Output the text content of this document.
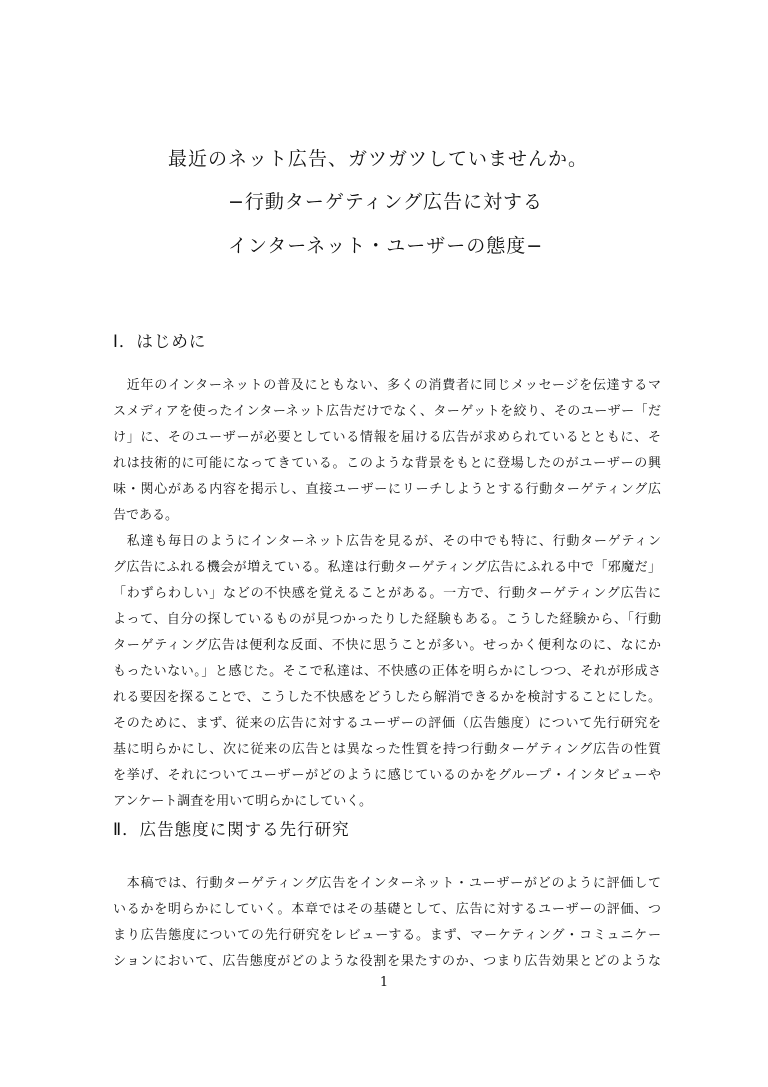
最近のネット広告、ガツガツしていませんか。
−行動ターゲティング広告に対する
インターネット・ユーザーの態度−
Ⅰ．はじめに
　近年のインターネットの普及にともない、多くの消費者に同じメッセージを伝達するマ
スメディアを使ったインターネット広告だけでなく、ターゲットを絞り、そのユーザー「だ
け」に、そのユーザーが必要としている情報を届ける広告が求められているとともに、そ
れは技術的に可能になってきている。このような背景をもとに登場したのがユーザーの興
味・関心がある内容を掲示し、直接ユーザーにリーチしようとする行動ターゲティング広
告である。
　私達も毎日のようにインターネット広告を見るが、その中でも特に、行動ターゲティン
グ広告にふれる機会が増えている。私達は行動ターゲティング広告にふれる中で「邪魔だ」
「わずらわしい」などの不快感を覚えることがある。一方で、行動ターゲティング広告に
よって、自分の探しているものが見つかったりした経験もある。こうした経験から、「行動
ターゲティング広告は便利な反面、不快に思うことが多い。せっかく便利なのに、なにか
もったいない。」と感じた。そこで私達は、不快感の正体を明らかにしつつ、それが形成さ
れる要因を探ることで、こうした不快感をどうしたら解消できるかを検討することにした。
そのために、まず、従来の広告に対するユーザーの評価（広告態度）について先行研究を
基に明らかにし、次に従来の広告とは異なった性質を持つ行動ターゲティング広告の性質
を挙げ、それについてユーザーがどのように感じているのかをグループ・インタビューや
アンケート調査を用いて明らかにしていく。
Ⅱ．広告態度に関する先行研究
　本稿では、行動ターゲティング広告をインターネット・ユーザーがどのように評価して
いるかを明らかにしていく。本章ではその基礎として、広告に対するユーザーの評価、つ
まり広告態度についての先行研究をレビューする。まず、マーケティング・コミュニケー
ションにおいて、広告態度がどのような役割を果たすのか、つまり広告効果とどのような
1
